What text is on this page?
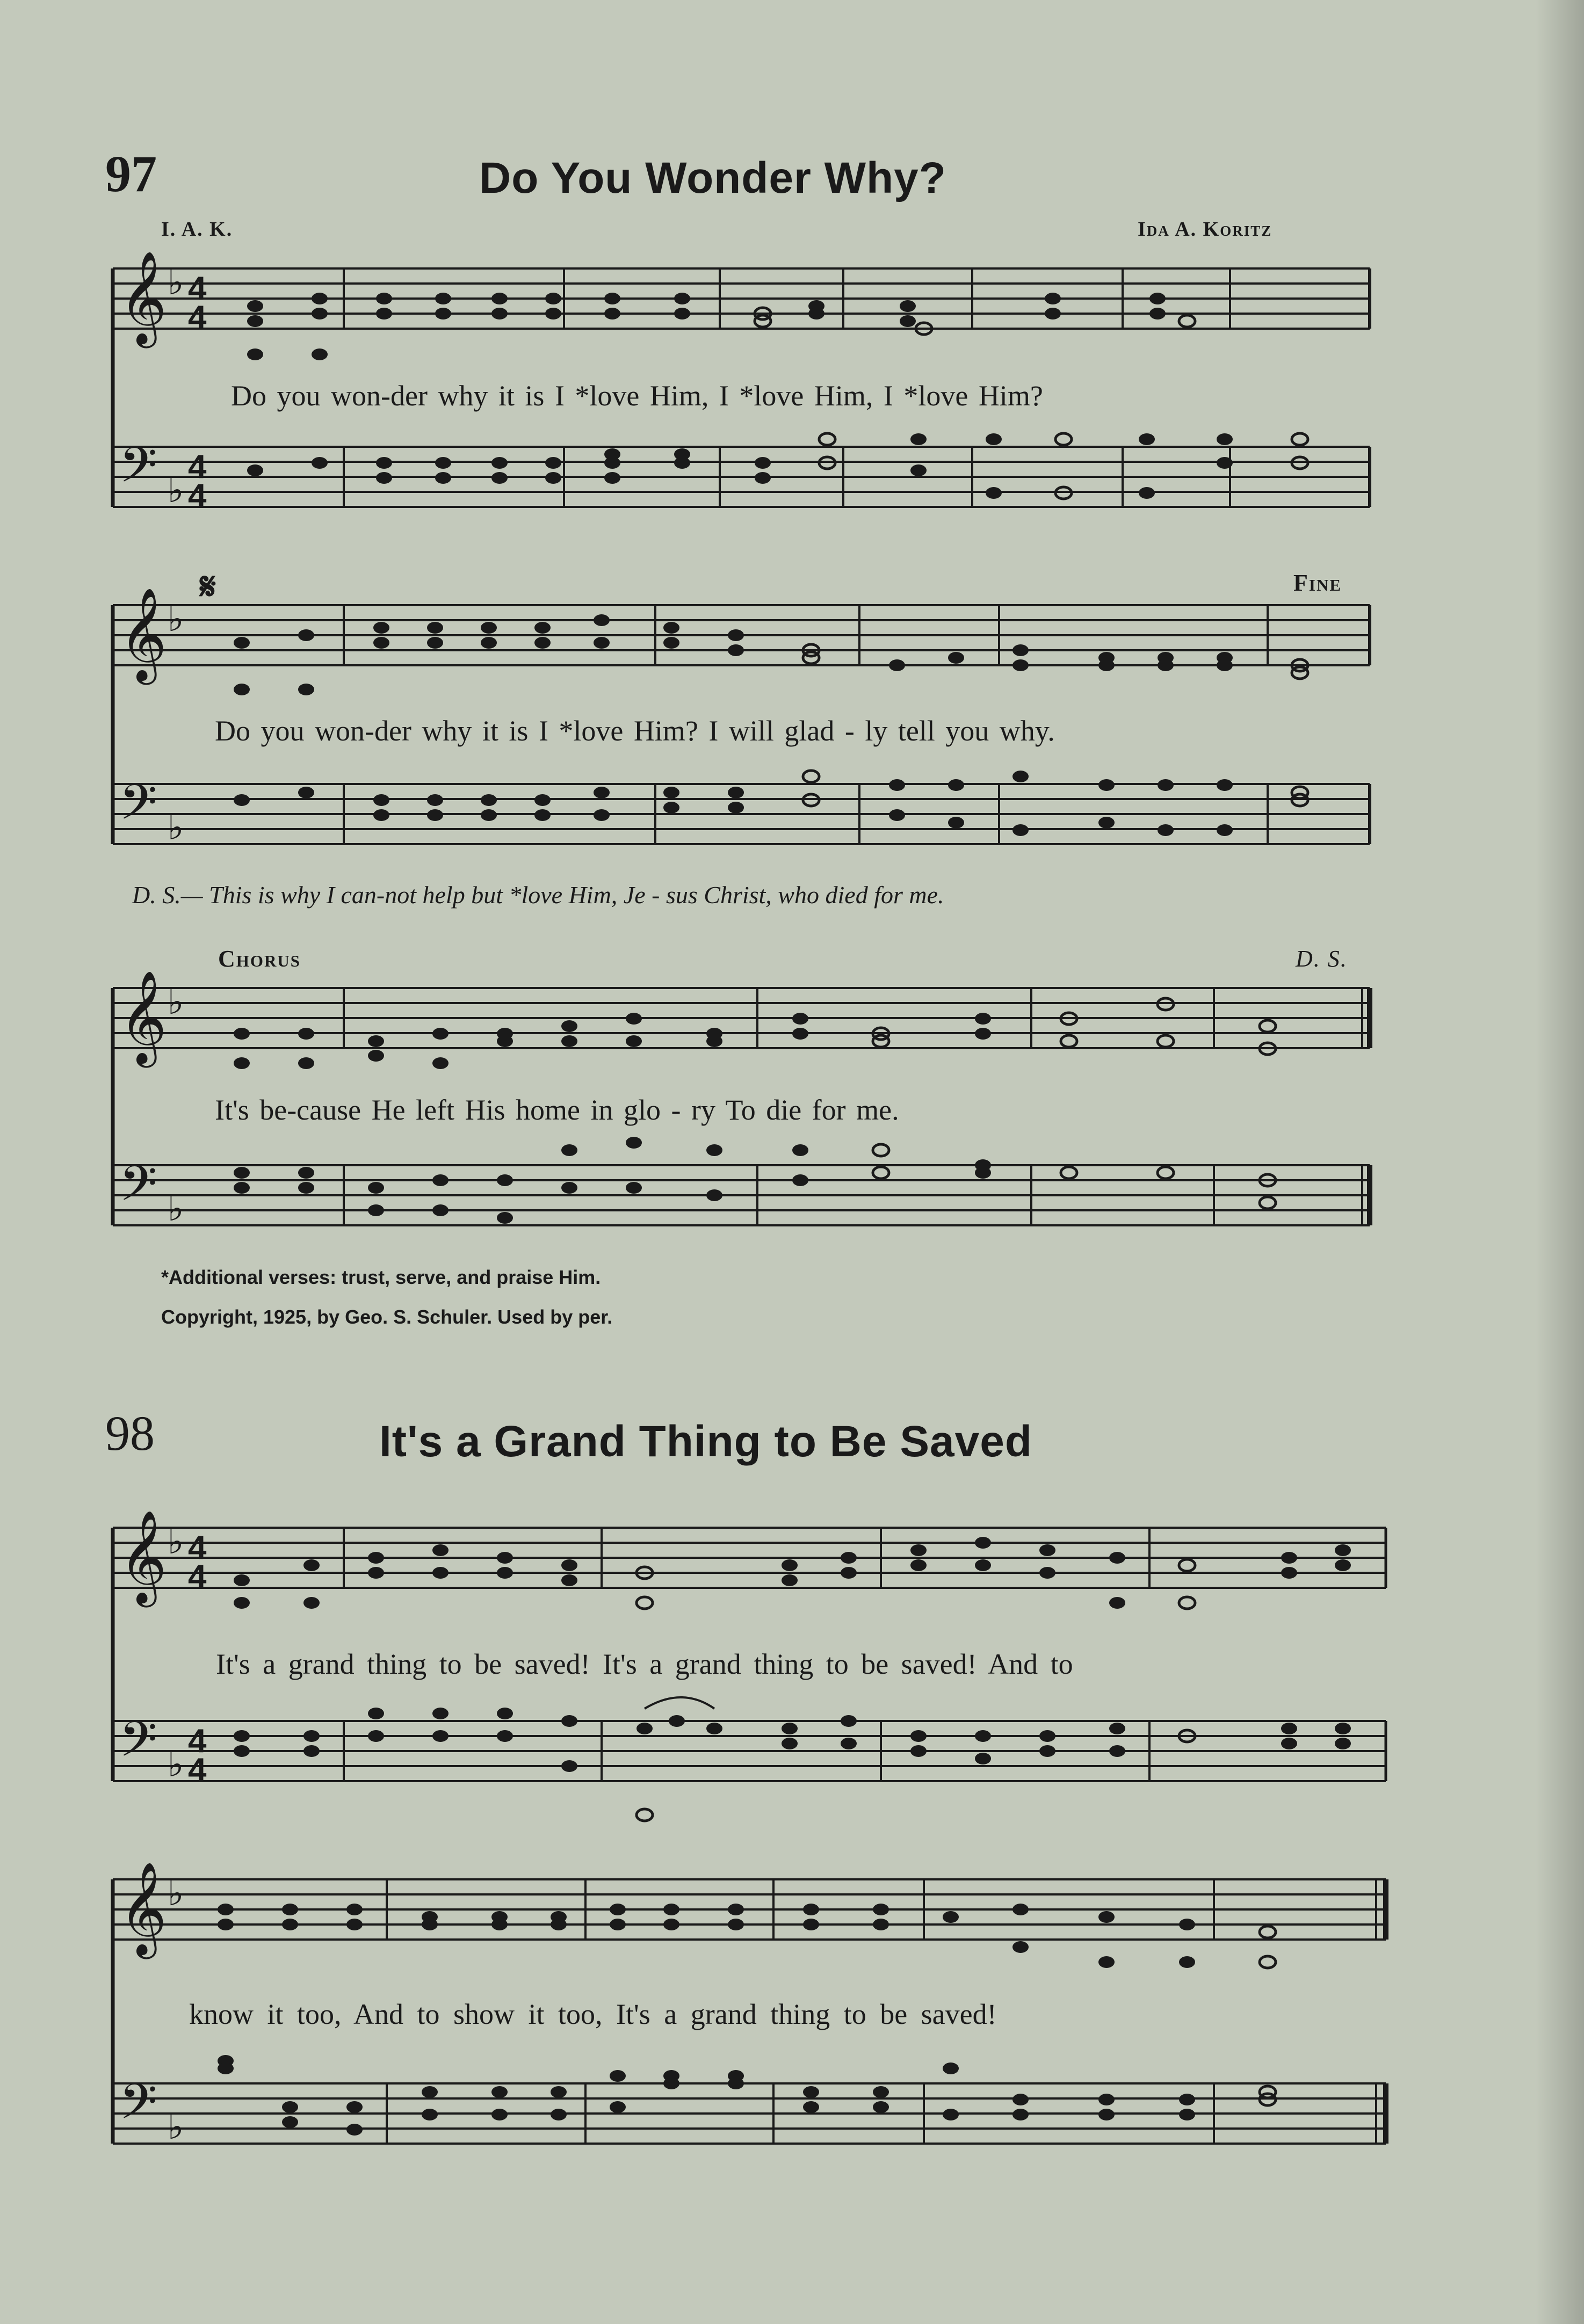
97	Do You Wonder Why?
I. A. K.	Ida A. Koritz
𝄞
𝄢
𝄞
𝄢
𝄞
𝄢
♭
♭
♭
♭
♭
♭
4
4
4
4
Do you won-der why it is I *love Him, I *love Him, I *love Him?
𝄋	Fine
Do you won-der why it is I *love Him? I will glad - ly tell you why.
D. S.— This is why I can-not help but *love Him, Je - sus Christ, who died for me.
Chorus	D. S.
It's be-cause He left His home in glo - ry To die for me.
*Additional verses: trust, serve, and praise Him.
Copyright, 1925, by Geo. S. Schuler. Used by per.
98	It's a Grand Thing to Be Saved
𝄞
𝄢
𝄞
𝄢
♭
♭
♭
♭
4
4
4
4
It's a grand thing to be saved! It's a grand thing to be saved! And to
know it too, And to show it too, It's a grand thing to be saved!
